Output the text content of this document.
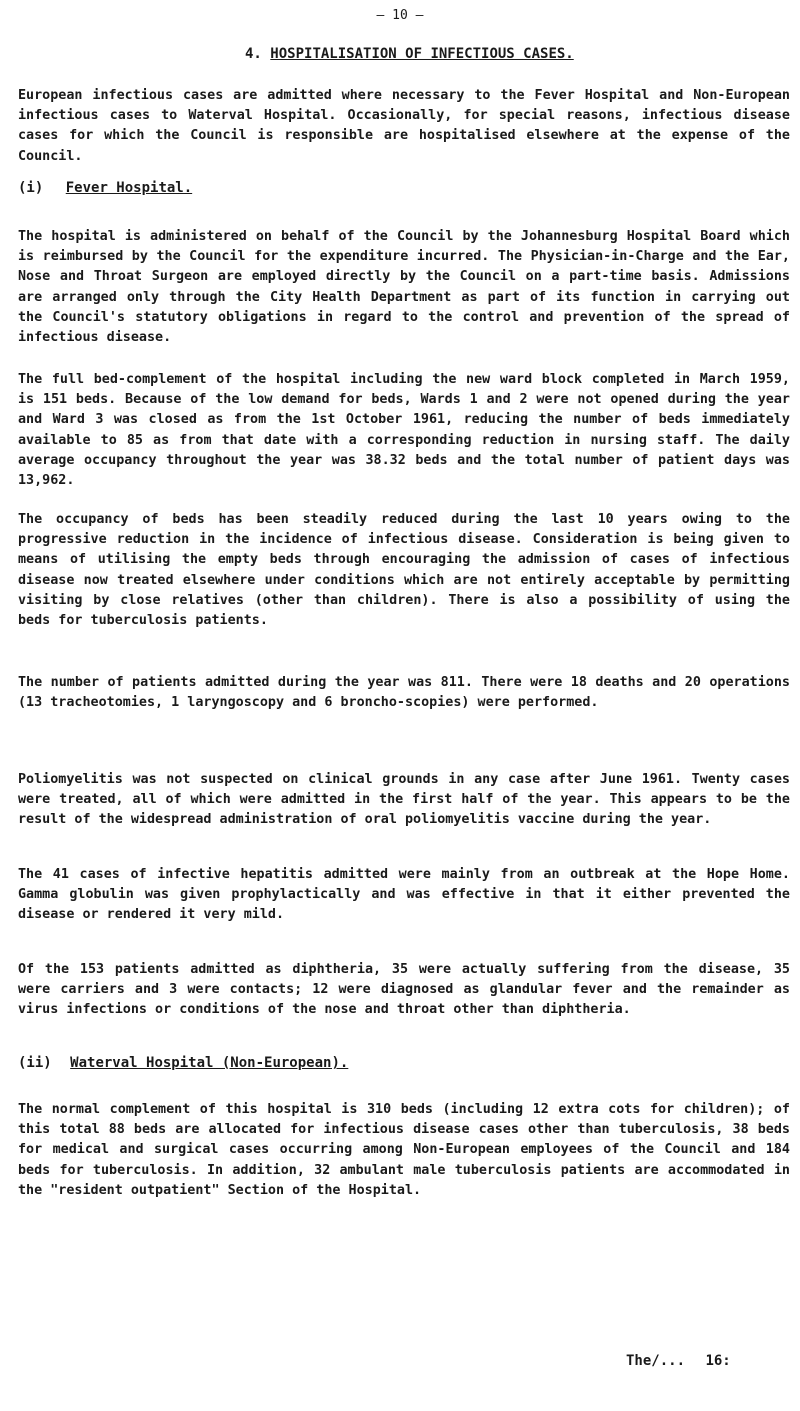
– 10 –
4. HOSPITALISATION OF INFECTIOUS CASES.

European infectious cases are admitted where necessary to the Fever Hospital and Non-European infectious cases to Waterval Hospital. Occasionally, for special reasons, infectious disease cases for which the Council is responsible are hospitalised elsewhere at the expense of the Council.

(i) Fever Hospital.

The hospital is administered on behalf of the Council by the Johannesburg Hospital Board which is reimbursed by the Council for the expenditure incurred. The Physician-in-Charge and the Ear, Nose and Throat Surgeon are employed directly by the Council on a part-time basis. Admissions are arranged only through the City Health Department as part of its function in carrying out the Council's statutory obligations in regard to the control and prevention of the spread of infectious disease.

The full bed-complement of the hospital including the new ward block completed in March 1959, is 151 beds. Because of the low demand for beds, Wards 1 and 2 were not opened during the year and Ward 3 was closed as from the 1st October 1961, reducing the number of beds immediately available to 85 as from that date with a corresponding reduction in nursing staff. The daily average occupancy throughout the year was 38.32 beds and the total number of patient days was 13,962.

The occupancy of beds has been steadily reduced during the last 10 years owing to the progressive reduction in the incidence of infectious disease. Consideration is being given to means of utilising the empty beds through encouraging the admission of cases of infectious disease now treated elsewhere under conditions which are not entirely acceptable by permitting visiting by close relatives (other than children). There is also a possibility of using the beds for tuberculosis patients.

The number of patients admitted during the year was 811. There were 18 deaths and 20 operations (13 tracheotomies, 1 laryngoscopy and 6 broncho-scopies) were performed.

Poliomyelitis was not suspected on clinical grounds in any case after June 1961. Twenty cases were treated, all of which were admitted in the first half of the year. This appears to be the result of the widespread administration of oral poliomyelitis vaccine during the year.

The 41 cases of infective hepatitis admitted were mainly from an outbreak at the Hope Home. Gamma globulin was given prophylactically and was effective in that it either prevented the disease or rendered it very mild.

Of the 153 patients admitted as diphtheria, 35 were actually suffering from the disease, 35 were carriers and 3 were contacts; 12 were diagnosed as glandular fever and the remainder as virus infections or conditions of the nose and throat other than diphtheria.

(ii) Waterval Hospital (Non-European).

The normal complement of this hospital is 310 beds (including 12 extra cots for children); of this total 88 beds are allocated for infectious disease cases other than tuberculosis, 38 beds for medical and surgical cases occurring among Non-European employees of the Council and 184 beds for tuberculosis. In addition, 32 ambulant male tuberculosis patients are accommodated in the "resident outpatient" Section of the Hospital.

The/... 16:
